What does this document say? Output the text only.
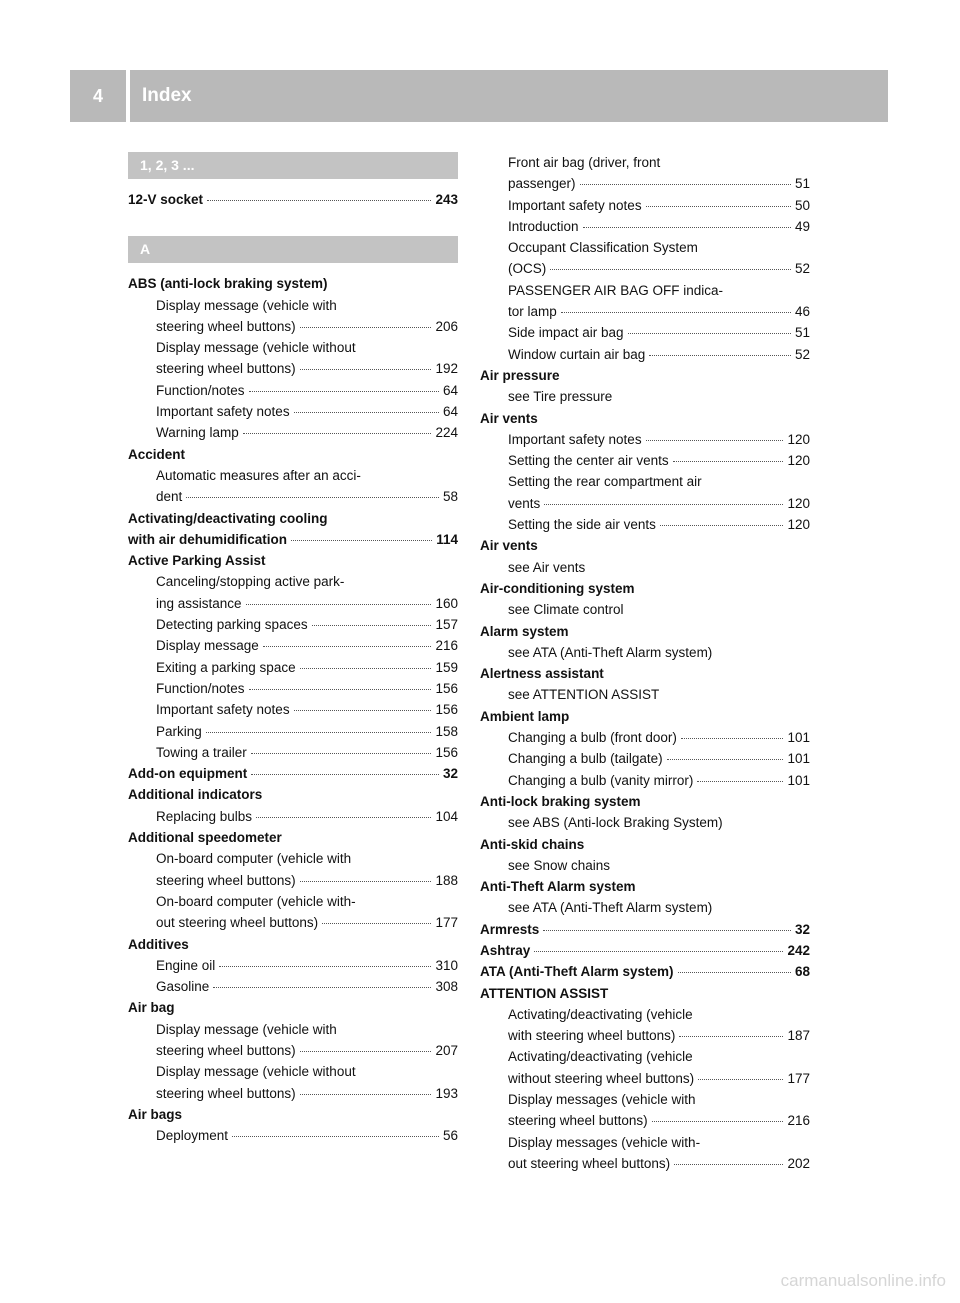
4	Index
1, 2, 3 ...
12-V socket	243
A
ABS (anti-lock braking system)
Display message (vehicle with
steering wheel buttons)	206
Display message (vehicle without
steering wheel buttons)	192
Function/notes	64
Important safety notes	64
Warning lamp	224
Accident
Automatic measures after an acci-
dent	58
Activating/deactivating cooling
with air dehumidification	114
Active Parking Assist
Canceling/stopping active park-
ing assistance	160
Detecting parking spaces	157
Display message	216
Exiting a parking space	159
Function/notes	156
Important safety notes	156
Parking	158
Towing a trailer	156
Add-on equipment	32
Additional indicators
Replacing bulbs	104
Additional speedometer
On-board computer (vehicle with
steering wheel buttons)	188
On-board computer (vehicle with-
out steering wheel buttons)	177
Additives
Engine oil	310
Gasoline	308
Air bag
Display message (vehicle with
steering wheel buttons)	207
Display message (vehicle without
steering wheel buttons)	193
Air bags
Deployment	56
Front air bag (driver, front
passenger)	51
Important safety notes	50
Introduction	49
Occupant Classification System
(OCS)	52
PASSENGER AIR BAG OFF indica-
tor lamp	46
Side impact air bag	51
Window curtain air bag	52
Air pressure
see Tire pressure
Air vents
Important safety notes	120
Setting the center air vents	120
Setting the rear compartment air
vents	120
Setting the side air vents	120
Air vents
see Air vents
Air-conditioning system
see Climate control
Alarm system
see ATA (Anti-Theft Alarm system)
Alertness assistant
see ATTENTION ASSIST
Ambient lamp
Changing a bulb (front door)	101
Changing a bulb (tailgate)	101
Changing a bulb (vanity mirror)	101
Anti-lock braking system
see ABS (Anti-lock Braking System)
Anti-skid chains
see Snow chains
Anti-Theft Alarm system
see ATA (Anti-Theft Alarm system)
Armrests	32
Ashtray	242
ATA (Anti-Theft Alarm system)	68
ATTENTION ASSIST
Activating/deactivating (vehicle
with steering wheel buttons)	187
Activating/deactivating (vehicle
without steering wheel buttons)	177
Display messages (vehicle with
steering wheel buttons)	216
Display messages (vehicle with-
out steering wheel buttons)	202
carmanualsonline.info
